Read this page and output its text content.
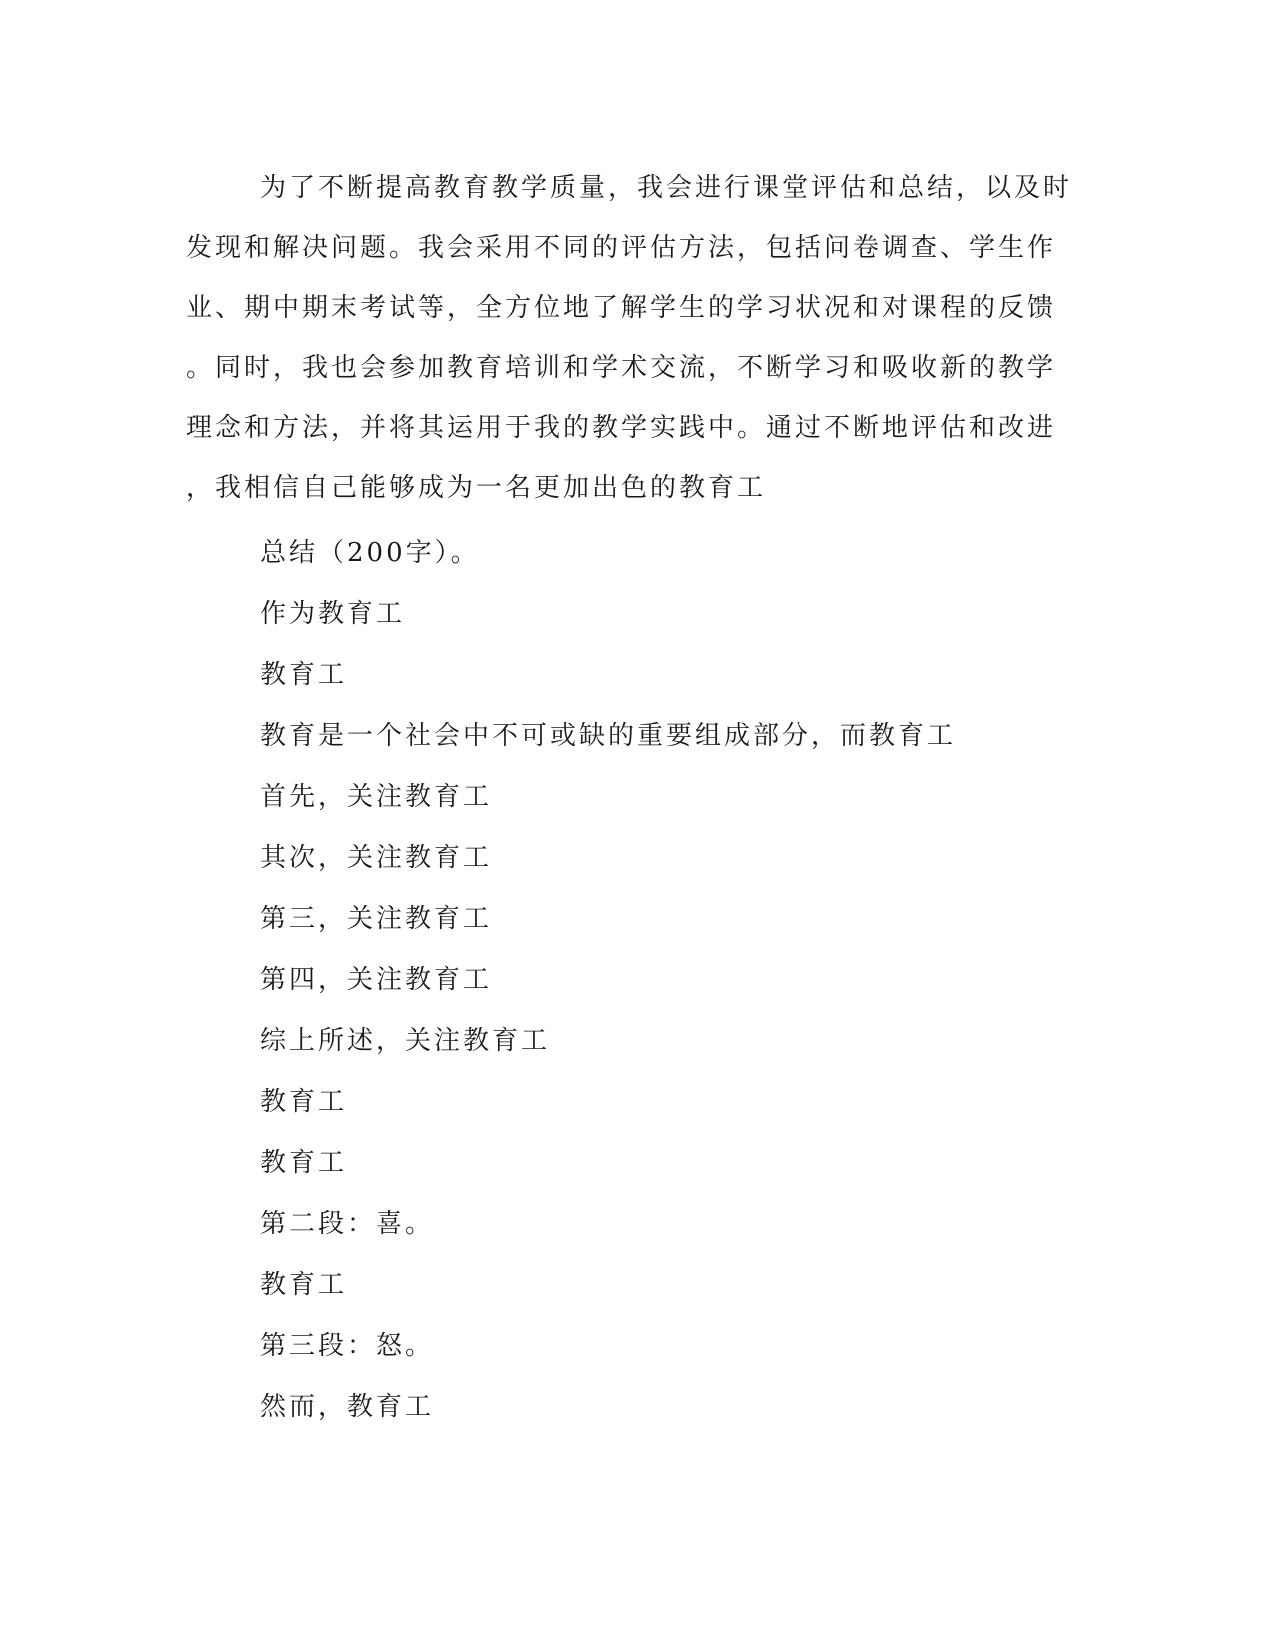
为了不断提高教育教学质量，我会进行课堂评估和总结，以及时
发现和解决问题。我会采用不同的评估方法，包括问卷调查、学生作
业、期中期末考试等，全方位地了解学生的学习状况和对课程的反馈
。同时，我也会参加教育培训和学术交流，不断学习和吸收新的教学
理念和方法，并将其运用于我的教学实践中。通过不断地评估和改进
，我相信自己能够成为一名更加出色的教育工
总结（200字）。
作为教育工
教育工
教育是一个社会中不可或缺的重要组成部分，而教育工
首先，关注教育工
其次，关注教育工
第三，关注教育工
第四，关注教育工
综上所述，关注教育工
教育工
教育工
第二段：喜。
教育工
第三段：怒。
然而，教育工
